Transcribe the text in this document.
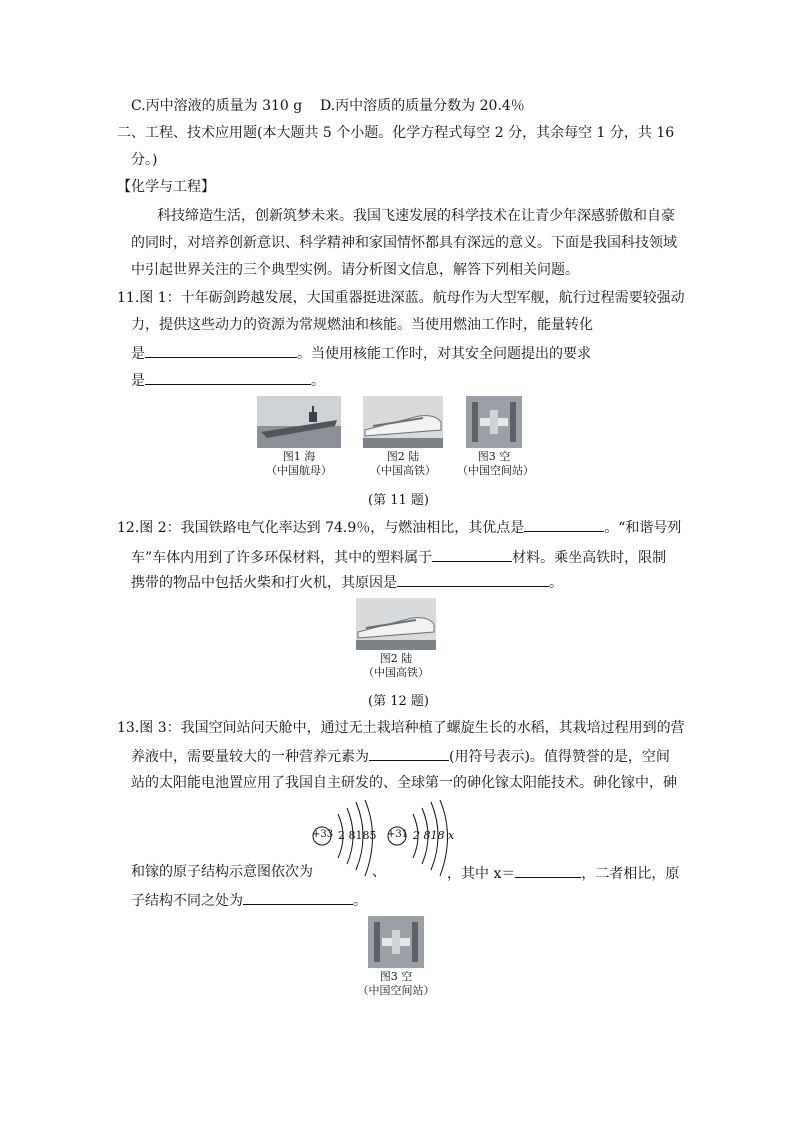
C.丙中溶液的质量为 310 g D.丙中溶质的质量分数为 20.4％
二、工程、技术应用题(本大题共 5 个小题。化学方程式每空 2 分，其余每空 1 分，共 16
分。)
【化学与工程】
科技缔造生活，创新筑梦未来。我国飞速发展的科学技术在让青少年深感骄傲和自豪
的同时，对培养创新意识、科学精神和家国情怀都具有深远的意义。下面是我国科技领域
中引起世界关注的三个典型实例。请分析图文信息，解答下列相关问题。
11.图 1：十年砺剑跨越发展，大国重器挺进深蓝。航母作为大型军舰，航行过程需要较强动
力，提供这些动力的资源为常规燃油和核能。当使用燃油工作时，能量转化
是	。当使用核能工作时，对其安全问题提出的要求
是	。
图1 海
（中国航母）
图2 陆
（中国高铁）
图3 空
（中国空间站）
(第 11 题)
12.图 2：我国铁路电气化率达到 74.9％，与燃油相比，其优点是	。“和谐号列
车”车体内用到了许多环保材料，其中的塑料属于	材料。乘坐高铁时，限制
携带的物品中包括火柴和打火机，其原因是	。
图2 陆
（中国高铁）
(第 12 题)
13.图 3：我国空间站问天舱中，通过无土栽培种植了螺旋生长的水稻，其栽培过程用到的营
养液中，需要量较大的一种营养元素为	(用符号表示)。值得赞誉的是，空间
站的太阳能电池置应用了我国自主研发的、全球第一的砷化镓太阳能技术。砷化镓中，砷
+33 2 8185 +31 2 818 x
和镓的原子结构示意图依次为	、	，其中 x＝	，二者相比，原
子结构不同之处为	。
图3 空
（中国空间站）
